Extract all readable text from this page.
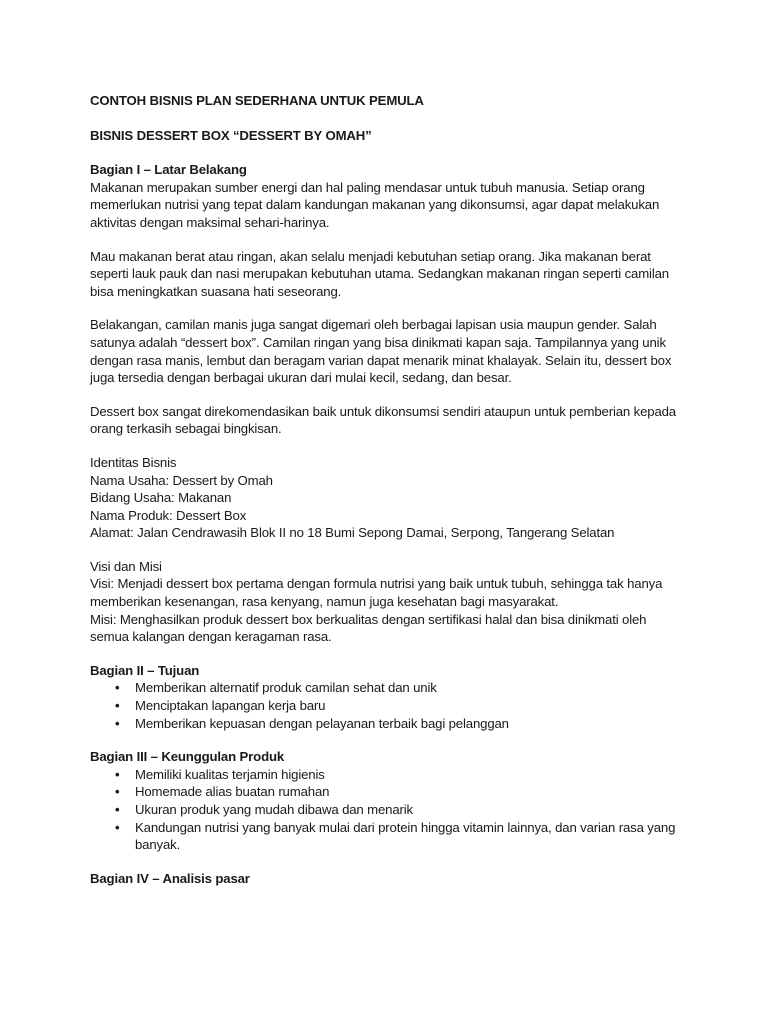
CONTOH BISNIS PLAN SEDERHANA UNTUK PEMULA

BISNIS DESSERT BOX “DESSERT BY OMAH”

Bagian I – Latar Belakang

Makanan merupakan sumber energi dan hal paling mendasar untuk tubuh manusia. Setiap orang
memerlukan nutrisi yang tepat dalam kandungan makanan yang dikonsumsi, agar dapat melakukan
aktivitas dengan maksimal sehari-harinya.

Mau makanan berat atau ringan, akan selalu menjadi kebutuhan setiap orang. Jika makanan berat
seperti lauk pauk dan nasi merupakan kebutuhan utama. Sedangkan makanan ringan seperti camilan
bisa meningkatkan suasana hati seseorang.

Belakangan, camilan manis juga sangat digemari oleh berbagai lapisan usia maupun gender. Salah
satunya adalah “dessert box”. Camilan ringan yang bisa dinikmati kapan saja. Tampilannya yang unik
dengan rasa manis, lembut dan beragam varian dapat menarik minat khalayak. Selain itu, dessert box
juga tersedia dengan berbagai ukuran dari mulai kecil, sedang, dan besar.

Dessert box sangat direkomendasikan baik untuk dikonsumsi sendiri ataupun untuk pemberian kepada
orang terkasih sebagai bingkisan.

Identitas Bisnis

Nama Usaha: Dessert by Omah
Bidang Usaha: Makanan
Nama Produk: Dessert Box
Alamat: Jalan Cendrawasih Blok II no 18 Bumi Sepong Damai, Serpong, Tangerang Selatan

Visi dan Misi

Visi: Menjadi dessert box pertama dengan formula nutrisi yang baik untuk tubuh, sehingga tak hanya
memberikan kesenangan, rasa kenyang, namun juga kesehatan bagi masyarakat.
Misi: Menghasilkan produk dessert box berkualitas dengan sertifikasi halal dan bisa dinikmati oleh
semua kalangan dengan keragaman rasa.

Bagian II – Tujuan

• Memberikan alternatif produk camilan sehat dan unik
• Menciptakan lapangan kerja baru
• Memberikan kepuasan dengan pelayanan terbaik bagi pelanggan

Bagian III – Keunggulan Produk

• Memiliki kualitas terjamin higienis
• Homemade alias buatan rumahan
• Ukuran produk yang mudah dibawa dan menarik
• Kandungan nutrisi yang banyak mulai dari protein hingga vitamin lainnya, dan varian rasa yang
banyak.

Bagian IV – Analisis pasar
